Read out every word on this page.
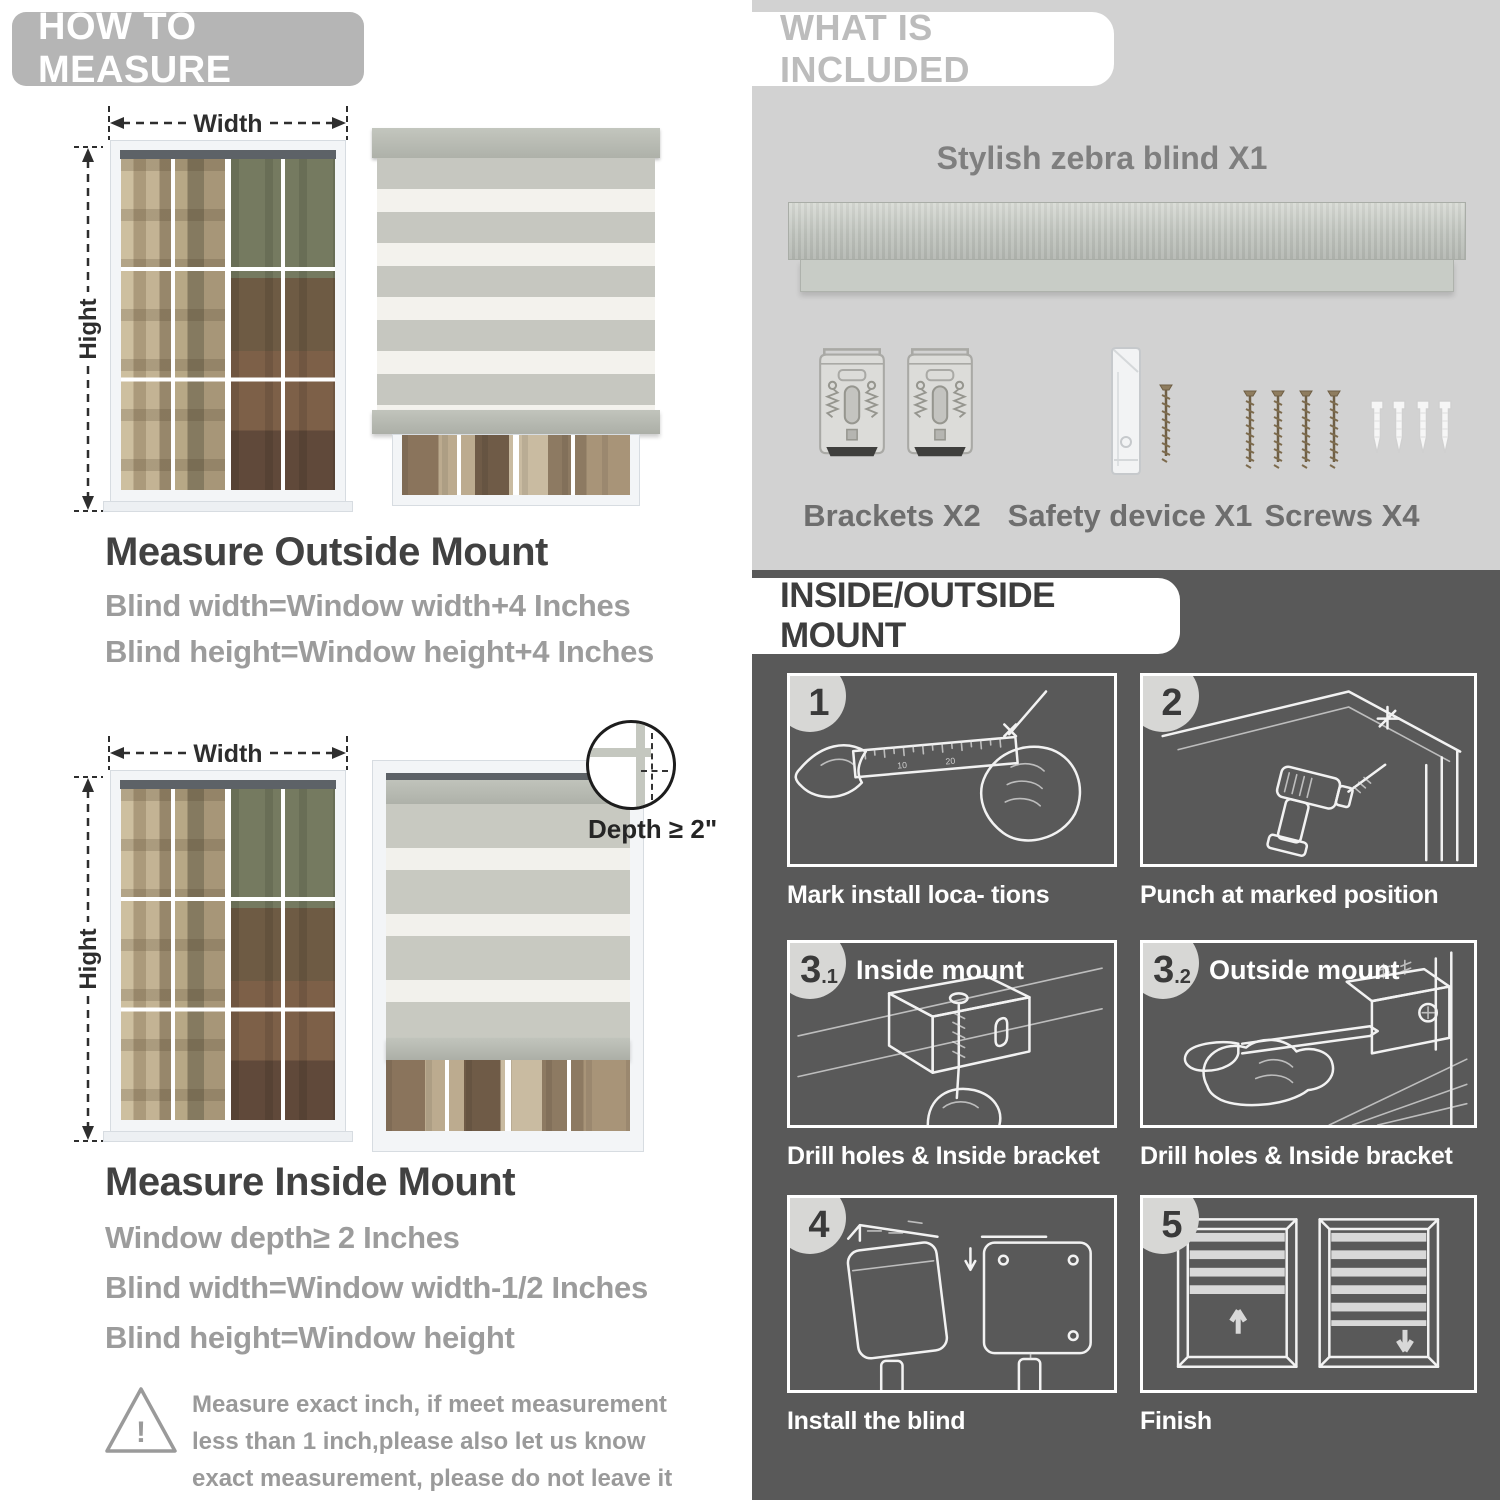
HOW TO MEASURE
Width
Hight
Measure Outside Mount

Blind width=Window width+4 Inches

Blind height=Window height+4 Inches

Width
Hight
Depth ≥ 2"
Measure Inside Mount

Window depth≥ 2 Inches

Blind width=Window width-1/2 Inches

Blind height=Window height

!

Measure exact inch, if meet measurement less than 1 inch,please also let us know exact measurement, please do not leave it

WHAT IS INCLUDED
Stylish zebra blind X1
Brackets X2 Safety device X1 Screws X4
INSIDE/OUTSIDE MOUNT
10	20
1
Mark install loca- tions
2
Punch at marked position
3 .1 Inside mount
Drill holes & Inside bracket
3 .2 Outside mount
Drill holes & Inside bracket
4
Install the blind
5
Finish
